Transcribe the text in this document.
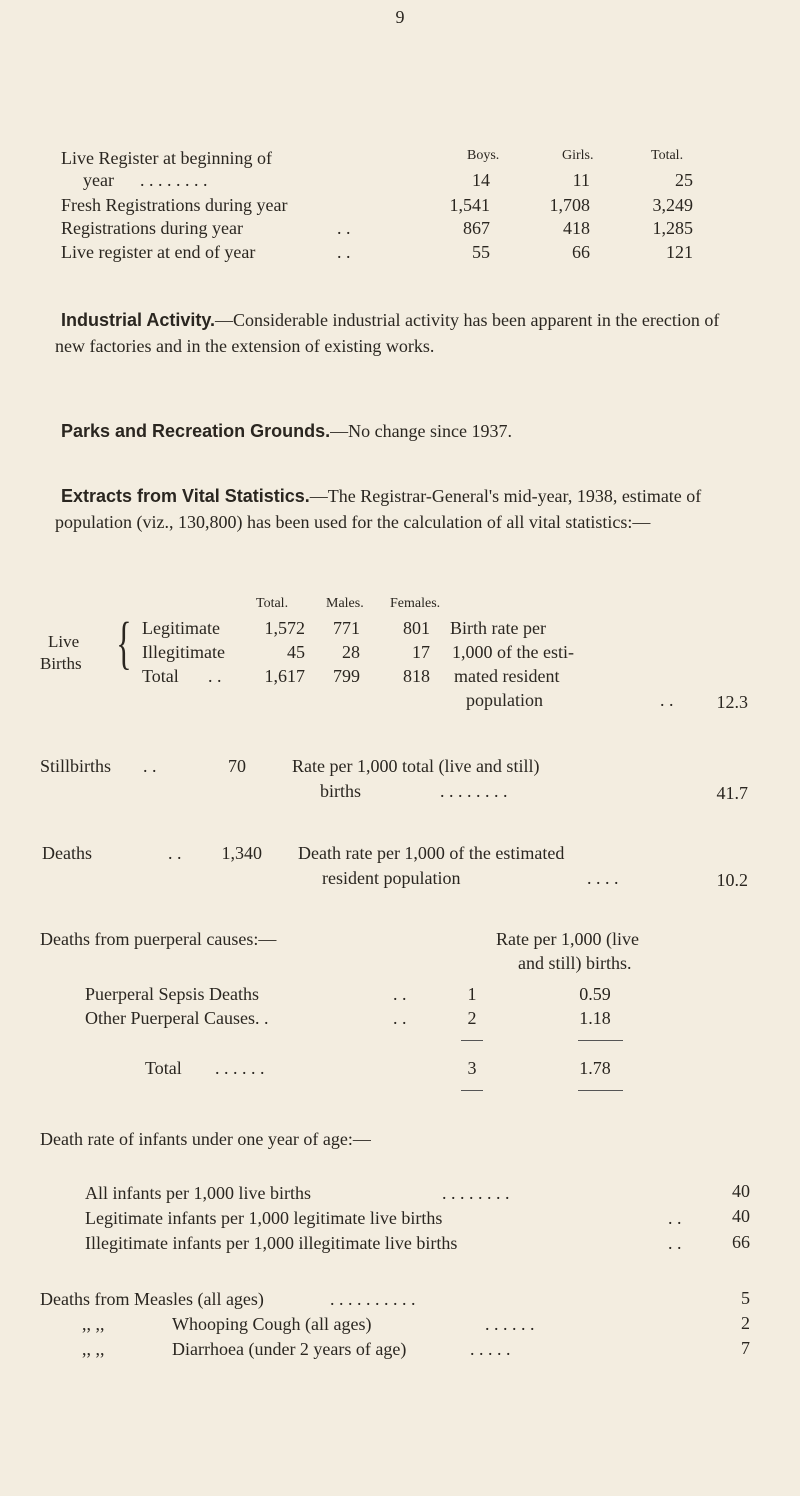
9
Boys.	Girls.	Total.
Live Register at beginning of
year . . . . . . . .	14	11	25
Fresh Registrations during year	1,541	1,708	3,249
Registrations during year	. .	867	418	1,285
Live register at end of year	. .	55	66	121
Industrial Activity.—Considerable industrial activity has been apparent in the erection of new factories and in the extension of existing works.
Parks and Recreation Grounds.—No change since 1937.
Extracts from Vital Statistics.—The Registrar-General's mid-year, 1938, estimate of population (viz., 130,800) has been used for the calculation of all vital statistics:—
Total.	Males. Females.
Live
Births { Legitimate	1,572	771	801
Illegitimate	45	28	17
Total . .	1,617	799	818
Birth rate per
1,000 of the esti-
mated resident
population	. .	12.3
Stillbirths . .	70	Rate per 1,000 total (live and still)
births	. . . . . . . .	41.7
Deaths	. .	1,340 Death rate per 1,000 of the estimated
resident population	. . . .	10.2
Deaths from puerperal causes:—	Rate per 1,000 (live
and still) births.
Puerperal Sepsis Deaths	. .	1	0.59
Other Puerperal Causes. .	. .	2	1.18
Total . . . . . .	3	1.78
Death rate of infants under one year of age:—
All infants per 1,000 live births	. . . . . . . .	40
Legitimate infants per 1,000 legitimate live births	. .	40
Illegitimate infants per 1,000 illegitimate live births	. .	66
Deaths from Measles (all ages)	. . . . . . . . . .	5
,, ,,	Whooping Cough (all ages)	. . . . . .	2
,, ,,	Diarrhoea (under 2 years of age)	. . . . .	7
